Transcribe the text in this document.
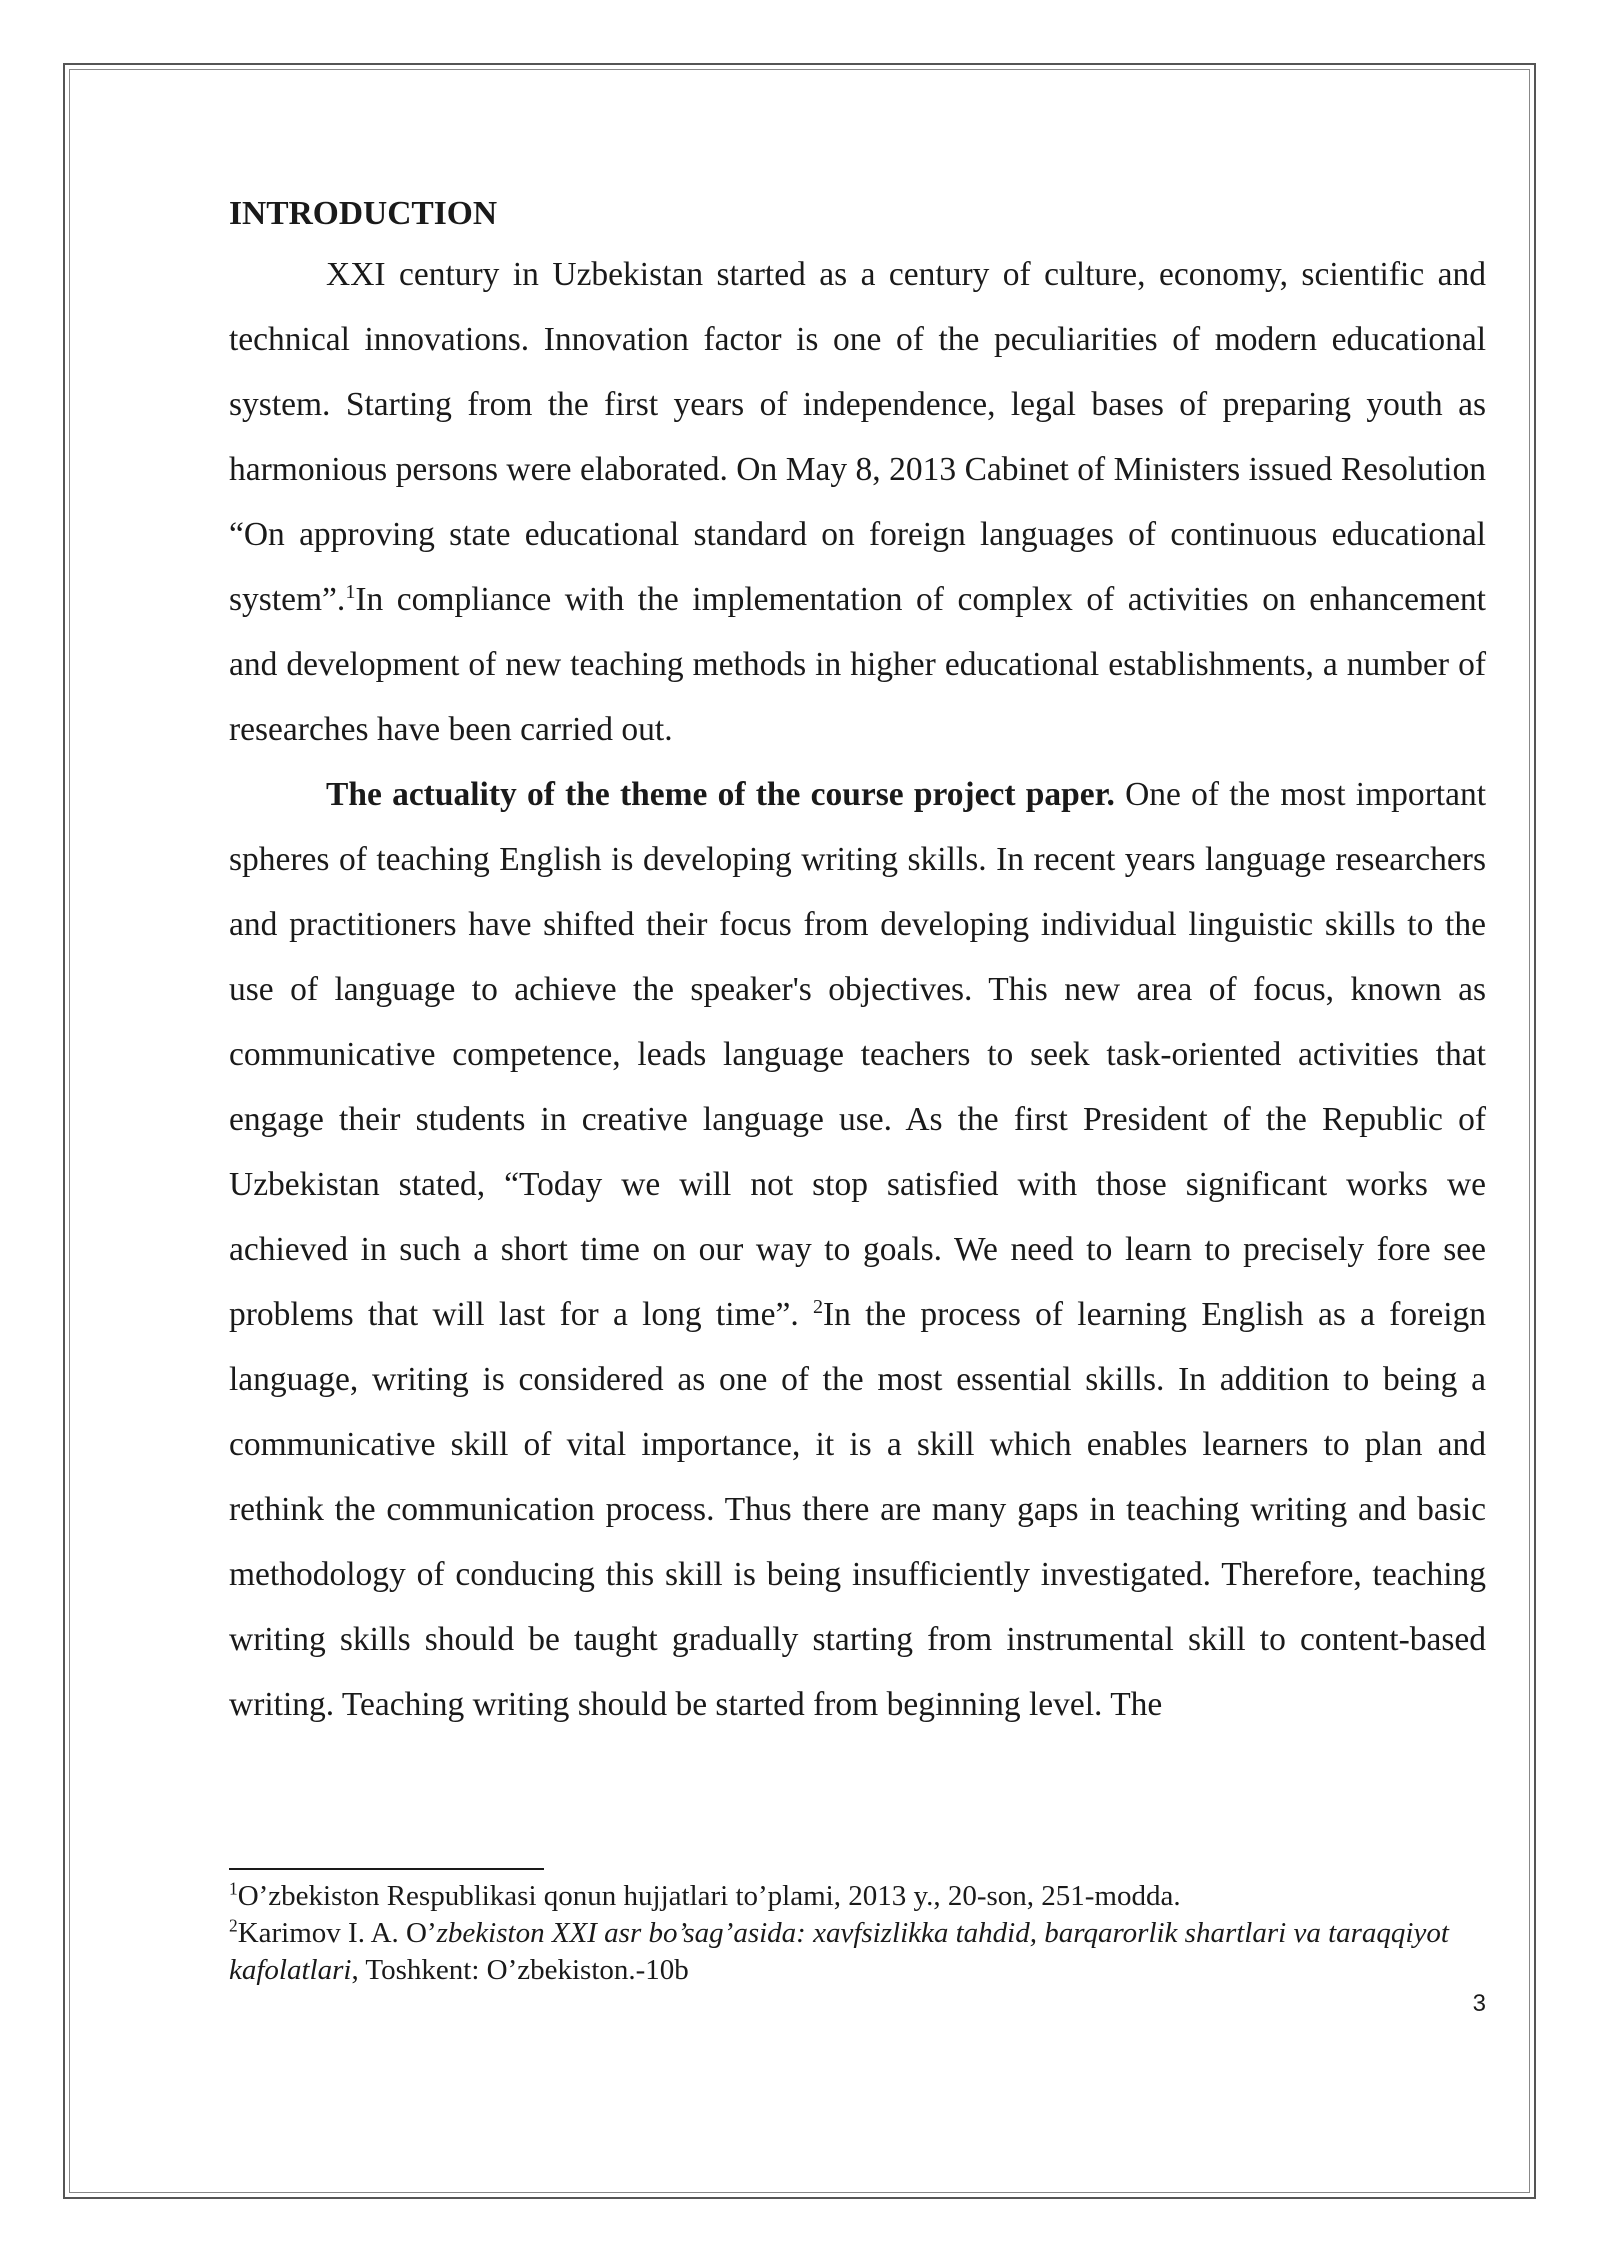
INTRODUCTION

XXI century in Uzbekistan started as a century of culture, economy, scientific and technical innovations. Innovation factor is one of the peculiarities of modern educational system. Starting from the first years of independence, legal bases of preparing youth as harmonious persons were elaborated. On May 8, 2013 Cabinet of Ministers issued Resolution “On approving state educational standard on foreign languages of continuous educational system”.$^1$In compliance with the implementation of complex of activities on enhancement and development of new teaching methods in higher educational establishments, a number of researches have been carried out.

The actuality of the theme of the course project paper. One of the most important spheres of teaching English is developing writing skills. In recent years language researchers and practitioners have shifted their focus from developing individual linguistic skills to the use of language to achieve the speaker's objectives. This new area of focus, known as communicative competence, leads language teachers to seek task-oriented activities that engage their students in creative language use. As the first President of the Republic of Uzbekistan stated, “Today we will not stop satisfied with those significant works we achieved in such a short time on our way to goals. We need to learn to precisely fore see problems that will last for a long time”. $^2$In the process of learning English as a foreign language, writing is considered as one of the most essential skills. In addition to being a communicative skill of vital importance, it is a skill which enables learners to plan and rethink the communication process. Thus there are many gaps in teaching writing and basic methodology of conducing this skill is being insufficiently investigated. Therefore, teaching writing skills should be taught gradually starting from instrumental skill to content-based writing. Teaching writing should be started from beginning level. The

$^1$O’zbekiston Respublikasi qonun hujjatlari to’plami, 2013 y., 20-son, 251-modda.

$^2$Karimov I. A. O’zbekiston XXI asr bo’sag’asida: xavfsizlikka tahdid, barqarorlik shartlari va taraqqiyot kafolatlari, Toshkent: O’zbekiston.-10b

3
